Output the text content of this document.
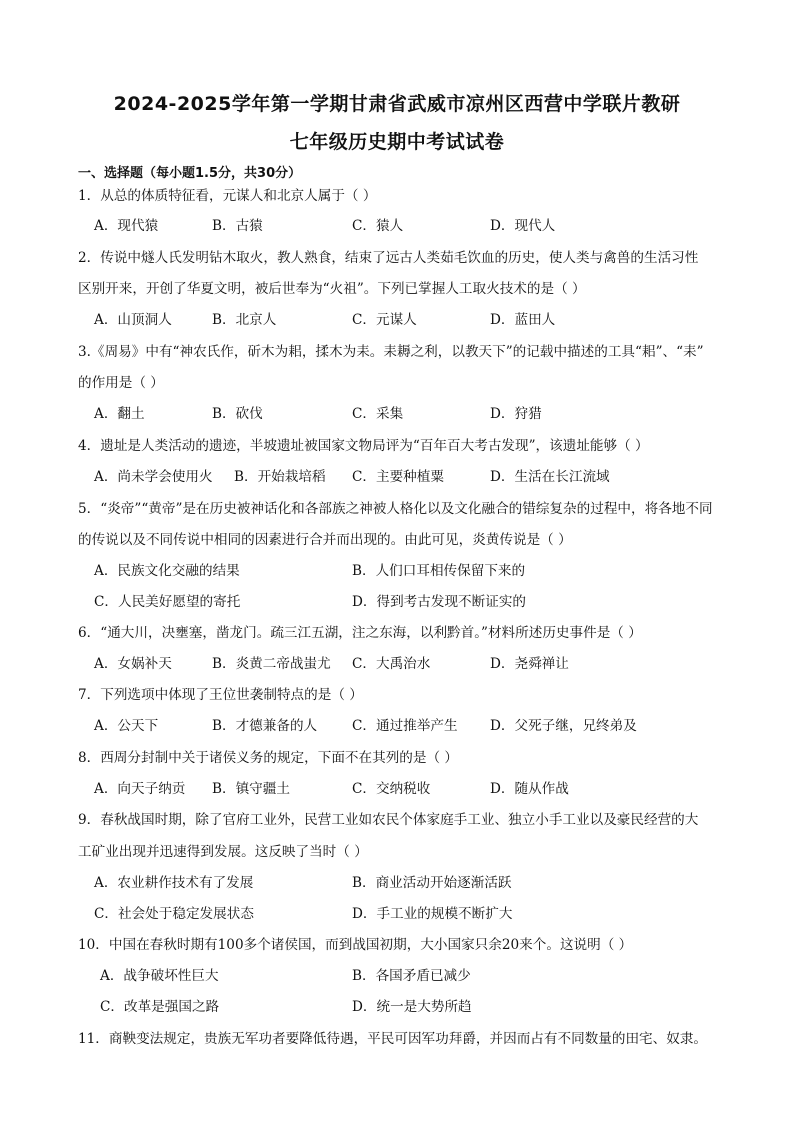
2024-2025学年第一学期甘肃省武威市凉州区西营中学联片教研
七年级历史期中考试试卷
一、选择题（每小题1.5分，共30分）
1．从总的体质特征看，元谋人和北京人属于（ ）
A．现代猿	B．古猿	C．猿人	D．现代人
2．传说中燧人氏发明钻木取火，教人熟食，结束了远古人类茹毛饮血的历史，使人类与禽兽的生活习性
区别开来，开创了华夏文明，被后世奉为“火祖”。下列已掌握人工取火技术的是（ ）
A．山顶洞人	B．北京人	C．元谋人	D．蓝田人
3.《周易》中有“神农氏作，斫木为耜，揉木为耒。耒耨之利，以教天下”的记载中描述的工具“耜”、“耒”
的作用是（ ）
A．翻土	B．砍伐	C．采集	D．狩猎
4．遗址是人类活动的遗迹，半坡遗址被国家文物局评为“百年百大考古发现”，该遗址能够（ ）
A．尚未学会使用火 B．开始栽培稻 C．主要种植粟	D．生活在长江流域
5．“炎帝”“黄帝”是在历史被神话化和各部族之神被人格化以及文化融合的错综复杂的过程中，将各地不同
的传说以及不同传说中相同的因素进行合并而出现的。由此可见，炎黄传说是（ ）
A．民族文化交融的结果	B．人们口耳相传保留下来的
C．人民美好愿望的寄托	D．得到考古发现不断证实的
6．“通大川，决壅塞，凿龙门。疏三江五湖，注之东海，以利黔首。”材料所述历史事件是（ ）
A．女娲补天	B．炎黄二帝战蚩尤 C．大禹治水	D．尧舜禅让
7．下列选项中体现了王位世袭制特点的是（ ）
A．公天下	B．才德兼备的人	C．通过推举产生 D．父死子继，兄终弟及
8．西周分封制中关于诸侯义务的规定，下面不在其列的是（ ）
A．向天子纳贡 B．镇守疆土	C．交纳税收	D．随从作战
9．春秋战国时期，除了官府工业外，民营工业如农民个体家庭手工业、独立小手工业以及豪民经营的大
工矿业出现并迅速得到发展。这反映了当时（ ）
A．农业耕作技术有了发展	B．商业活动开始逐渐活跃
C．社会处于稳定发展状态	D．手工业的规模不断扩大
10．中国在春秋时期有100多个诸侯国，而到战国初期，大小国家只余20来个。这说明（ ）
A．战争破坏性巨大	B．各国矛盾已减少
C．改革是强国之路	D．统一是大势所趋
11．商鞅变法规定，贵族无军功者要降低待遇，平民可因军功拜爵，并因而占有不同数量的田宅、奴隶。
